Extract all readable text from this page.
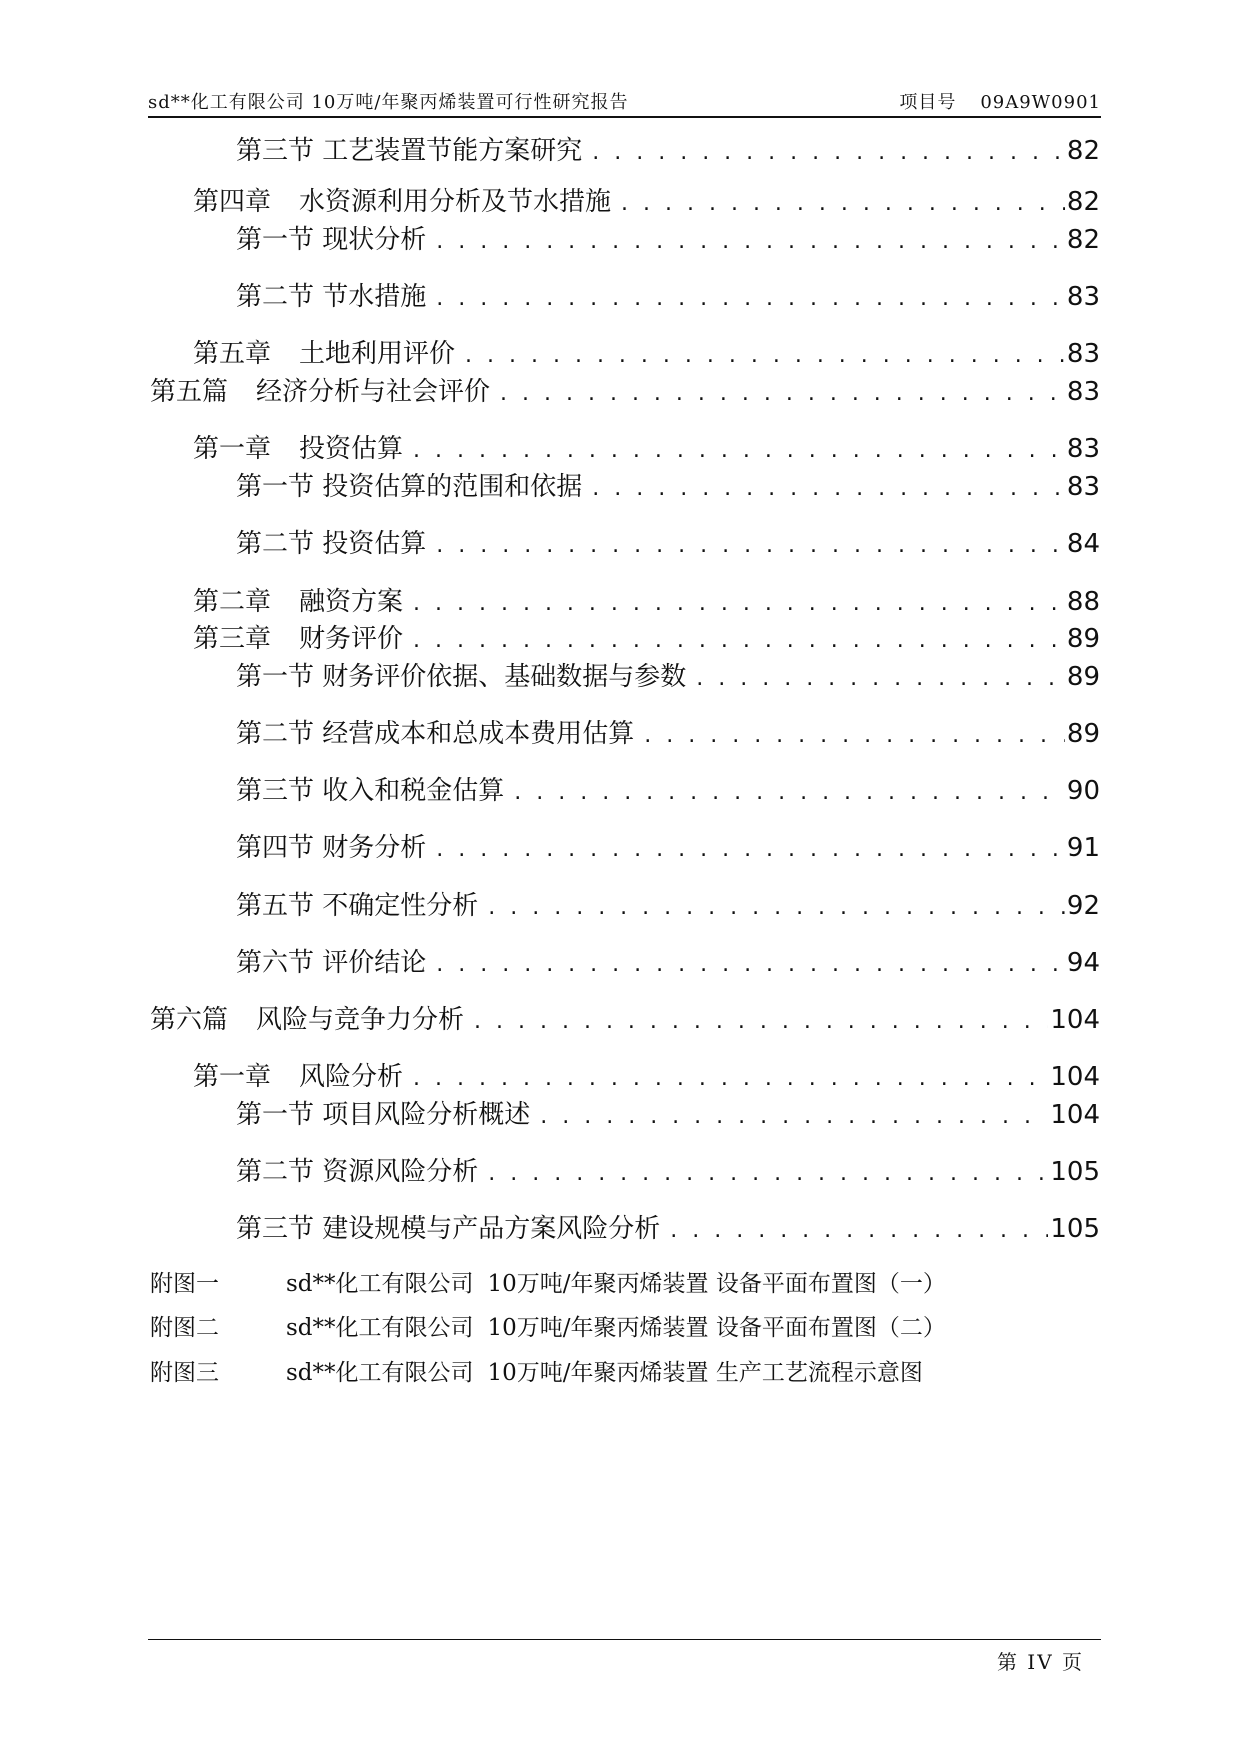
sd**化工有限公司 10万吨/年聚丙烯装置可行性研究报告	项目号 09A9W0901
第三节 工艺装置节能方案研究 . . .	82
第四章 水资源利用分析及节水措施 . . .	82
第一节 现状分析 . . .	82
第二节 节水措施 . . .	83
第五章 土地利用评价 . . .	83
第五篇 经济分析与社会评价 . . .	83
第一章 投资估算 . . .	83
第一节 投资估算的范围和依据 . . .	83
第二节 投资估算 . . .	84
第二章 融资方案 . . .	88
第三章 财务评价 . . .	89
第一节 财务评价依据、基础数据与参数 . . .	89
第二节 经营成本和总成本费用估算 . . .	89
第三节 收入和税金估算 . . .	90
第四节 财务分析 . . .	91
第五节 不确定性分析 . . .	92
第六节 评价结论 . . .	94
第六篇 风险与竞争力分析 . . .	104
第一章 风险分析 . . .	104
第一节 项目风险分析概述 . . .	104
第二节 资源风险分析 . . .	105
第三节 建设规模与产品方案风险分析 . . .	105
附图一	sd**化工有限公司 10万吨/年聚丙烯装置 设备平面布置图（一）
附图二	sd**化工有限公司 10万吨/年聚丙烯装置 设备平面布置图（二）
附图三	sd**化工有限公司 10万吨/年聚丙烯装置 生产工艺流程示意图
第 IV 页
